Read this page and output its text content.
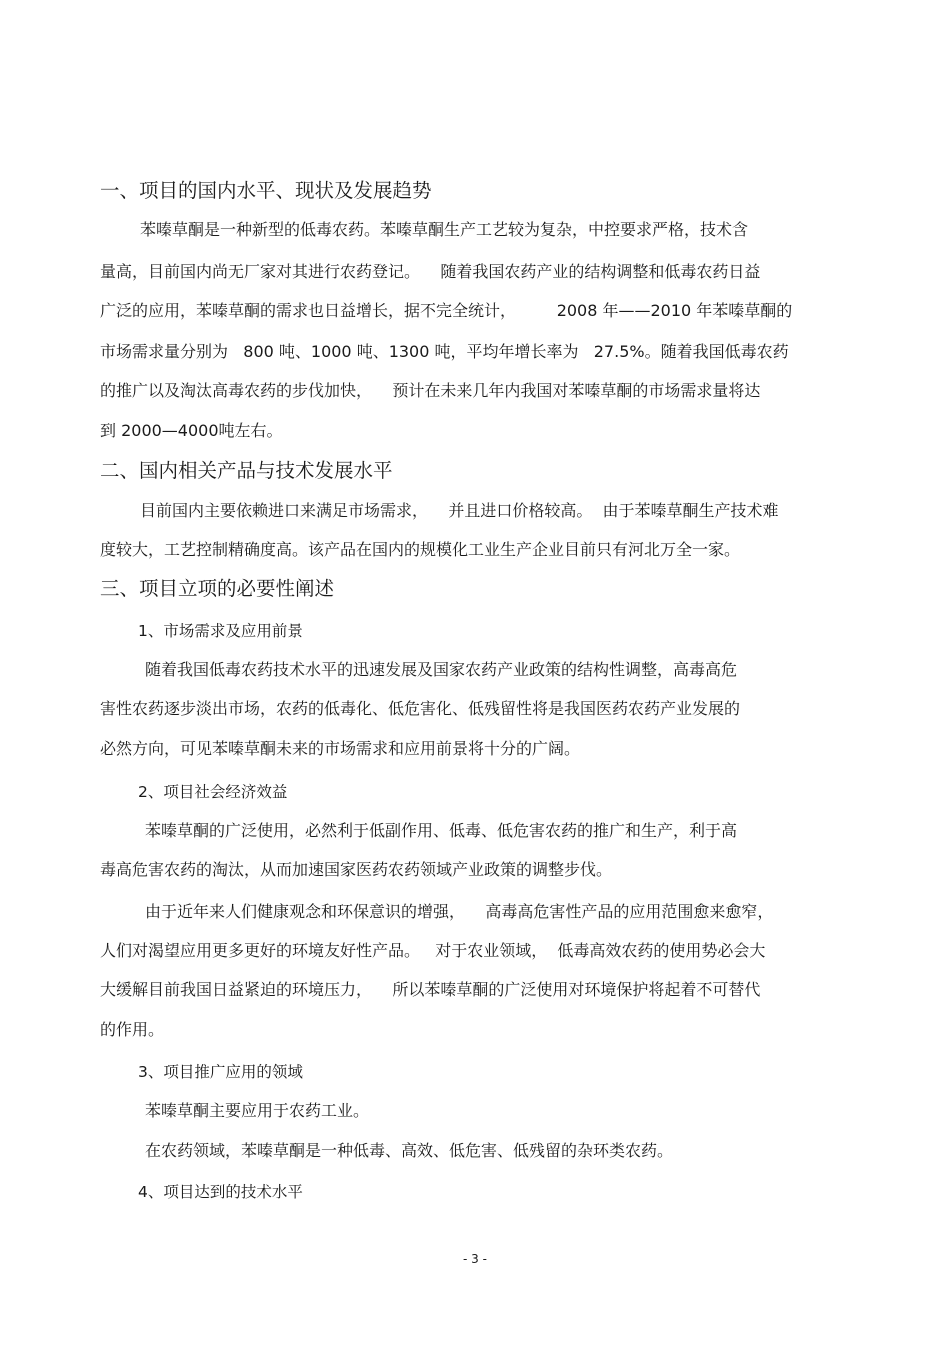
一、项目的国内水平、现状及发展趋势
苯嗪草酮是一种新型的低毒农药。苯嗪草酮生产工艺较为复杂，中控要求严格，技术含
量高，目前国内尚无厂家对其进行农药登记。    随着我国农药产业的结构调整和低毒农药日益
广泛的应用，苯嗪草酮的需求也日益增长，据不完全统计，        2008 年——2010 年苯嗪草酮的
市场需求量分别为   800 吨、1000 吨、1300 吨，平均年增长率为   27.5%。随着我国低毒农药
的推广以及淘汰高毒农药的步伐加快，    预计在未来几年内我国对苯嗪草酮的市场需求量将达
到 2000—4000吨左右。
二、国内相关产品与技术发展水平
目前国内主要依赖进口来满足市场需求，    并且进口价格较高。  由于苯嗪草酮生产技术难
度较大，工艺控制精确度高。该产品在国内的规模化工业生产企业目前只有河北万全一家。
三、项目立项的必要性阐述
1、市场需求及应用前景
随着我国低毒农药技术水平的迅速发展及国家农药产业政策的结构性调整，高毒高危
害性农药逐步淡出市场，农药的低毒化、低危害化、低残留性将是我国医药农药产业发展的
必然方向，可见苯嗪草酮未来的市场需求和应用前景将十分的广阔。
2、项目社会经济效益
苯嗪草酮的广泛使用，必然利于低副作用、低毒、低危害农药的推广和生产，利于高
毒高危害农药的淘汰，从而加速国家医药农药领域产业政策的调整步伐。
由于近年来人们健康观念和环保意识的增强，    高毒高危害性产品的应用范围愈来愈窄，
人们对渴望应用更多更好的环境友好性产品。   对于农业领域，  低毒高效农药的使用势必会大
大缓解目前我国日益紧迫的环境压力，    所以苯嗪草酮的广泛使用对环境保护将起着不可替代
的作用。
3、项目推广应用的领域
苯嗪草酮主要应用于农药工业。
在农药领域，苯嗪草酮是一种低毒、高效、低危害、低残留的杂环类农药。
4、项目达到的技术水平
- 3 -
